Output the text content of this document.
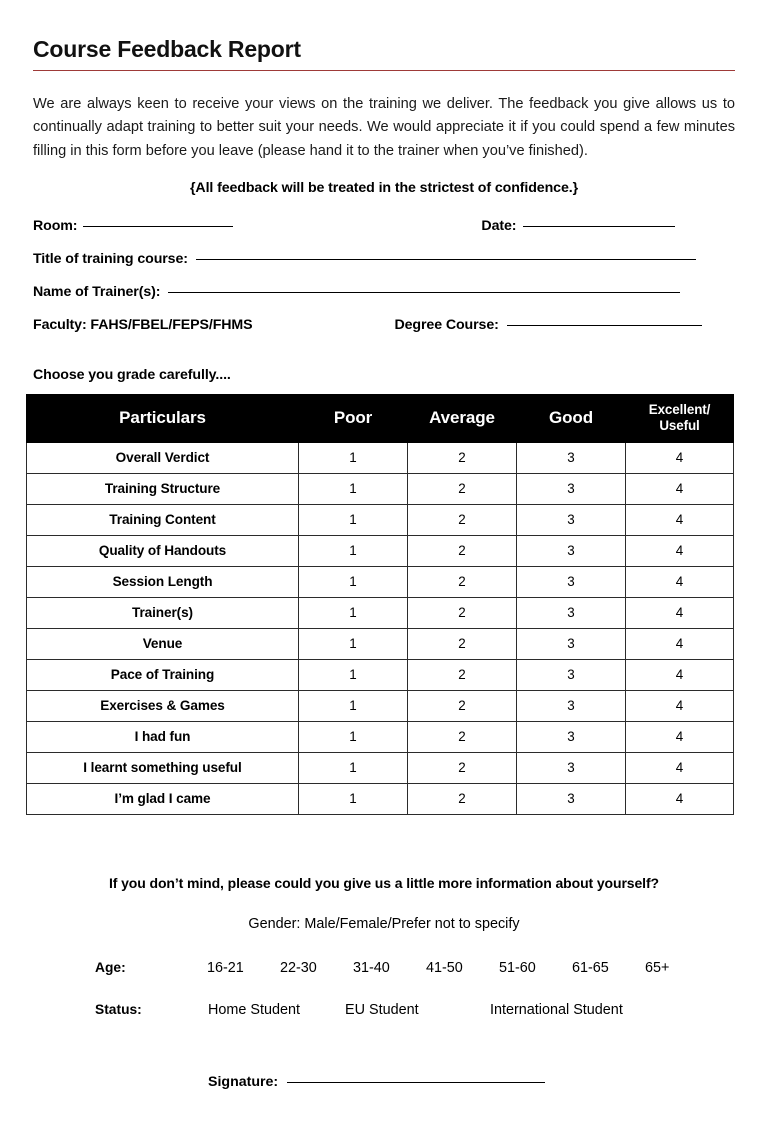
Course Feedback Report

We are always keen to receive your views on the training we deliver. The feedback you give allows us to continually adapt training to better suit your needs. We would appreciate it if you could spend a few minutes filling in this form before you leave (please hand it to the trainer when you’ve finished).

{All feedback will be treated in the strictest of confidence.}

Room:	Date:
Title of training course:
Name of Trainer(s):
Faculty: FAHS/FBEL/FEPS/FHMS	Degree Course:
Choose you grade carefully....
Particulars	Poor	Average	Good	Excellent/
Useful
Overall Verdict	1	2	3	4
Training Structure	1	2	3	4
Training Content	1	2	3	4
Quality of Handouts	1	2	3	4
Session Length	1	2	3	4
Trainer(s)	1	2	3	4
Venue	1	2	3	4
Pace of Training	1	2	3	4
Exercises & Games	1	2	3	4
I had fun	1	2	3	4
I learnt something useful	1	2	3	4
I’m glad I came	1	2	3	4
If you don’t mind, please could you give us a little more information about yourself?
Gender: Male/Female/Prefer not to specify
Age:	16-21	22-30	31-40	41-50	51-60	61-65	65+
Status:	Home Student	EU Student	International Student
Signature:
